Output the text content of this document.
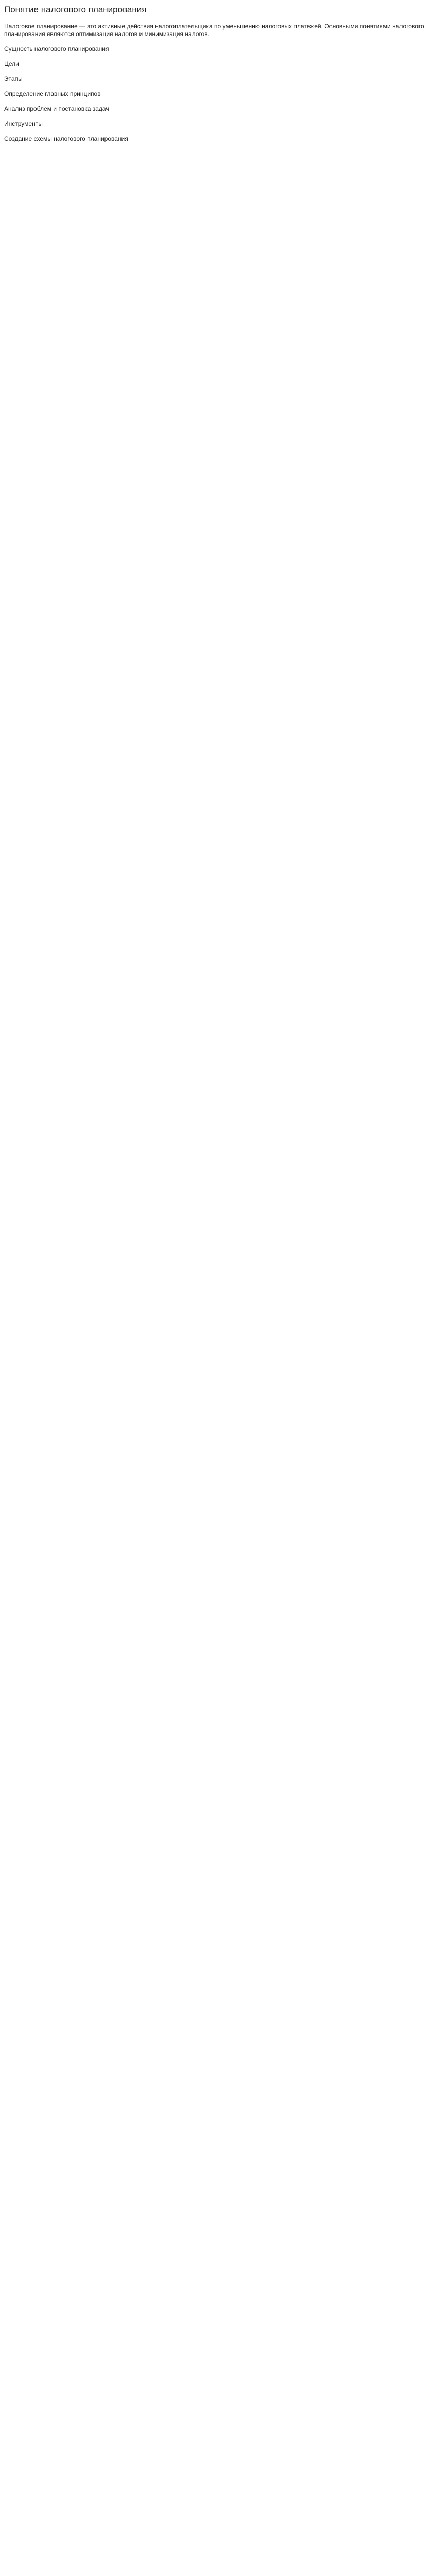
Понятие налогового планирования
Налоговое планирование — это активные действия налогоплательщика по уменьшению налоговых платежей. Основными понятиями налогового планирования являются оптимизация налогов и минимизация налогов.
Сущность налогового планирования
Цели
Этапы
Определение главных принципов
Анализ проблем и постановка задач
Инструменты
Создание схемы налогового планирования
